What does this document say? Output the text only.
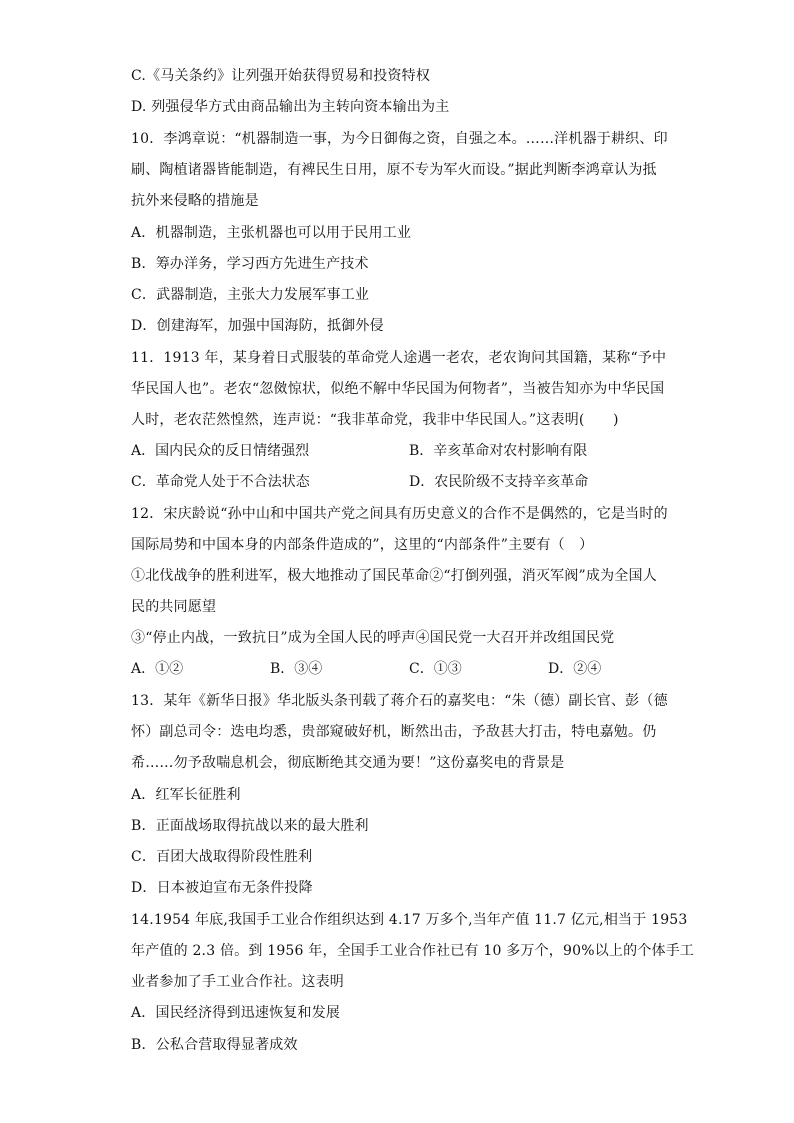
C.《马关条约》让列强开始获得贸易和投资特权
D. 列强侵华方式由商品输出为主转向资本输出为主
10．李鸿章说：“机器制造一事，为今日御侮之资，自强之本。……洋机器于耕织、印
刷、陶植诸器皆能制造，有裨民生日用，原不专为军火而设。”据此判断李鸿章认为抵
抗外来侵略的措施是
A．机器制造，主张机器也可以用于民用工业
B．筹办洋务，学习西方先进生产技术
C．武器制造，主张大力发展军事工业
D．创建海军，加强中国海防，抵御外侵
11．1913 年，某身着日式服装的革命党人途遇一老农，老农询问其国籍，某称“予中
华民国人也”。老农“忽傚惊状，似绝不解中华民国为何物者”，当被告知亦为中华民国
人时，老农茫然惶然，连声说：“我非革命党，我非中华民国人。”这表明(　　)
A．国内民众的反日情绪强烈	B．辛亥革命对农村影响有限
C．革命党人处于不合法状态	D．农民阶级不支持辛亥革命
12．宋庆龄说“孙中山和中国共产党之间具有历史意义的合作不是偶然的，它是当时的
国际局势和中国本身的内部条件造成的”，这里的“内部条件”主要有（　）
①北伐战争的胜利进军，极大地推动了国民革命②“打倒列强，消灭军阀”成为全国人
民的共同愿望
③“停止内战，一致抗日”成为全国人民的呼声④国民党一大召开并改组国民党
A．①②	B．③④	C．①③	D．②④
13．某年《新华日报》华北版头条刊载了蒋介石的嘉奖电：“朱（德）副长官、彭（德
怀）副总司令：迭电均悉，贵部窥破好机，断然出击，予敌甚大打击，特电嘉勉。仍
希……勿予敌喘息机会，彻底断绝其交通为要！”这份嘉奖电的背景是
A．红军长征胜利
B．正面战场取得抗战以来的最大胜利
C．百团大战取得阶段性胜利
D．日本被迫宣布无条件投降
14.1954 年底,我国手工业合作组织达到 4.17 万多个,当年产值 11.7 亿元,相当于 1953
年产值的 2.3 倍。到 1956 年，全国手工业合作社已有 10 多万个，90%以上的个体手工
业者参加了手工业合作社。这表明
A．国民经济得到迅速恢复和发展
B．公私合营取得显著成效
